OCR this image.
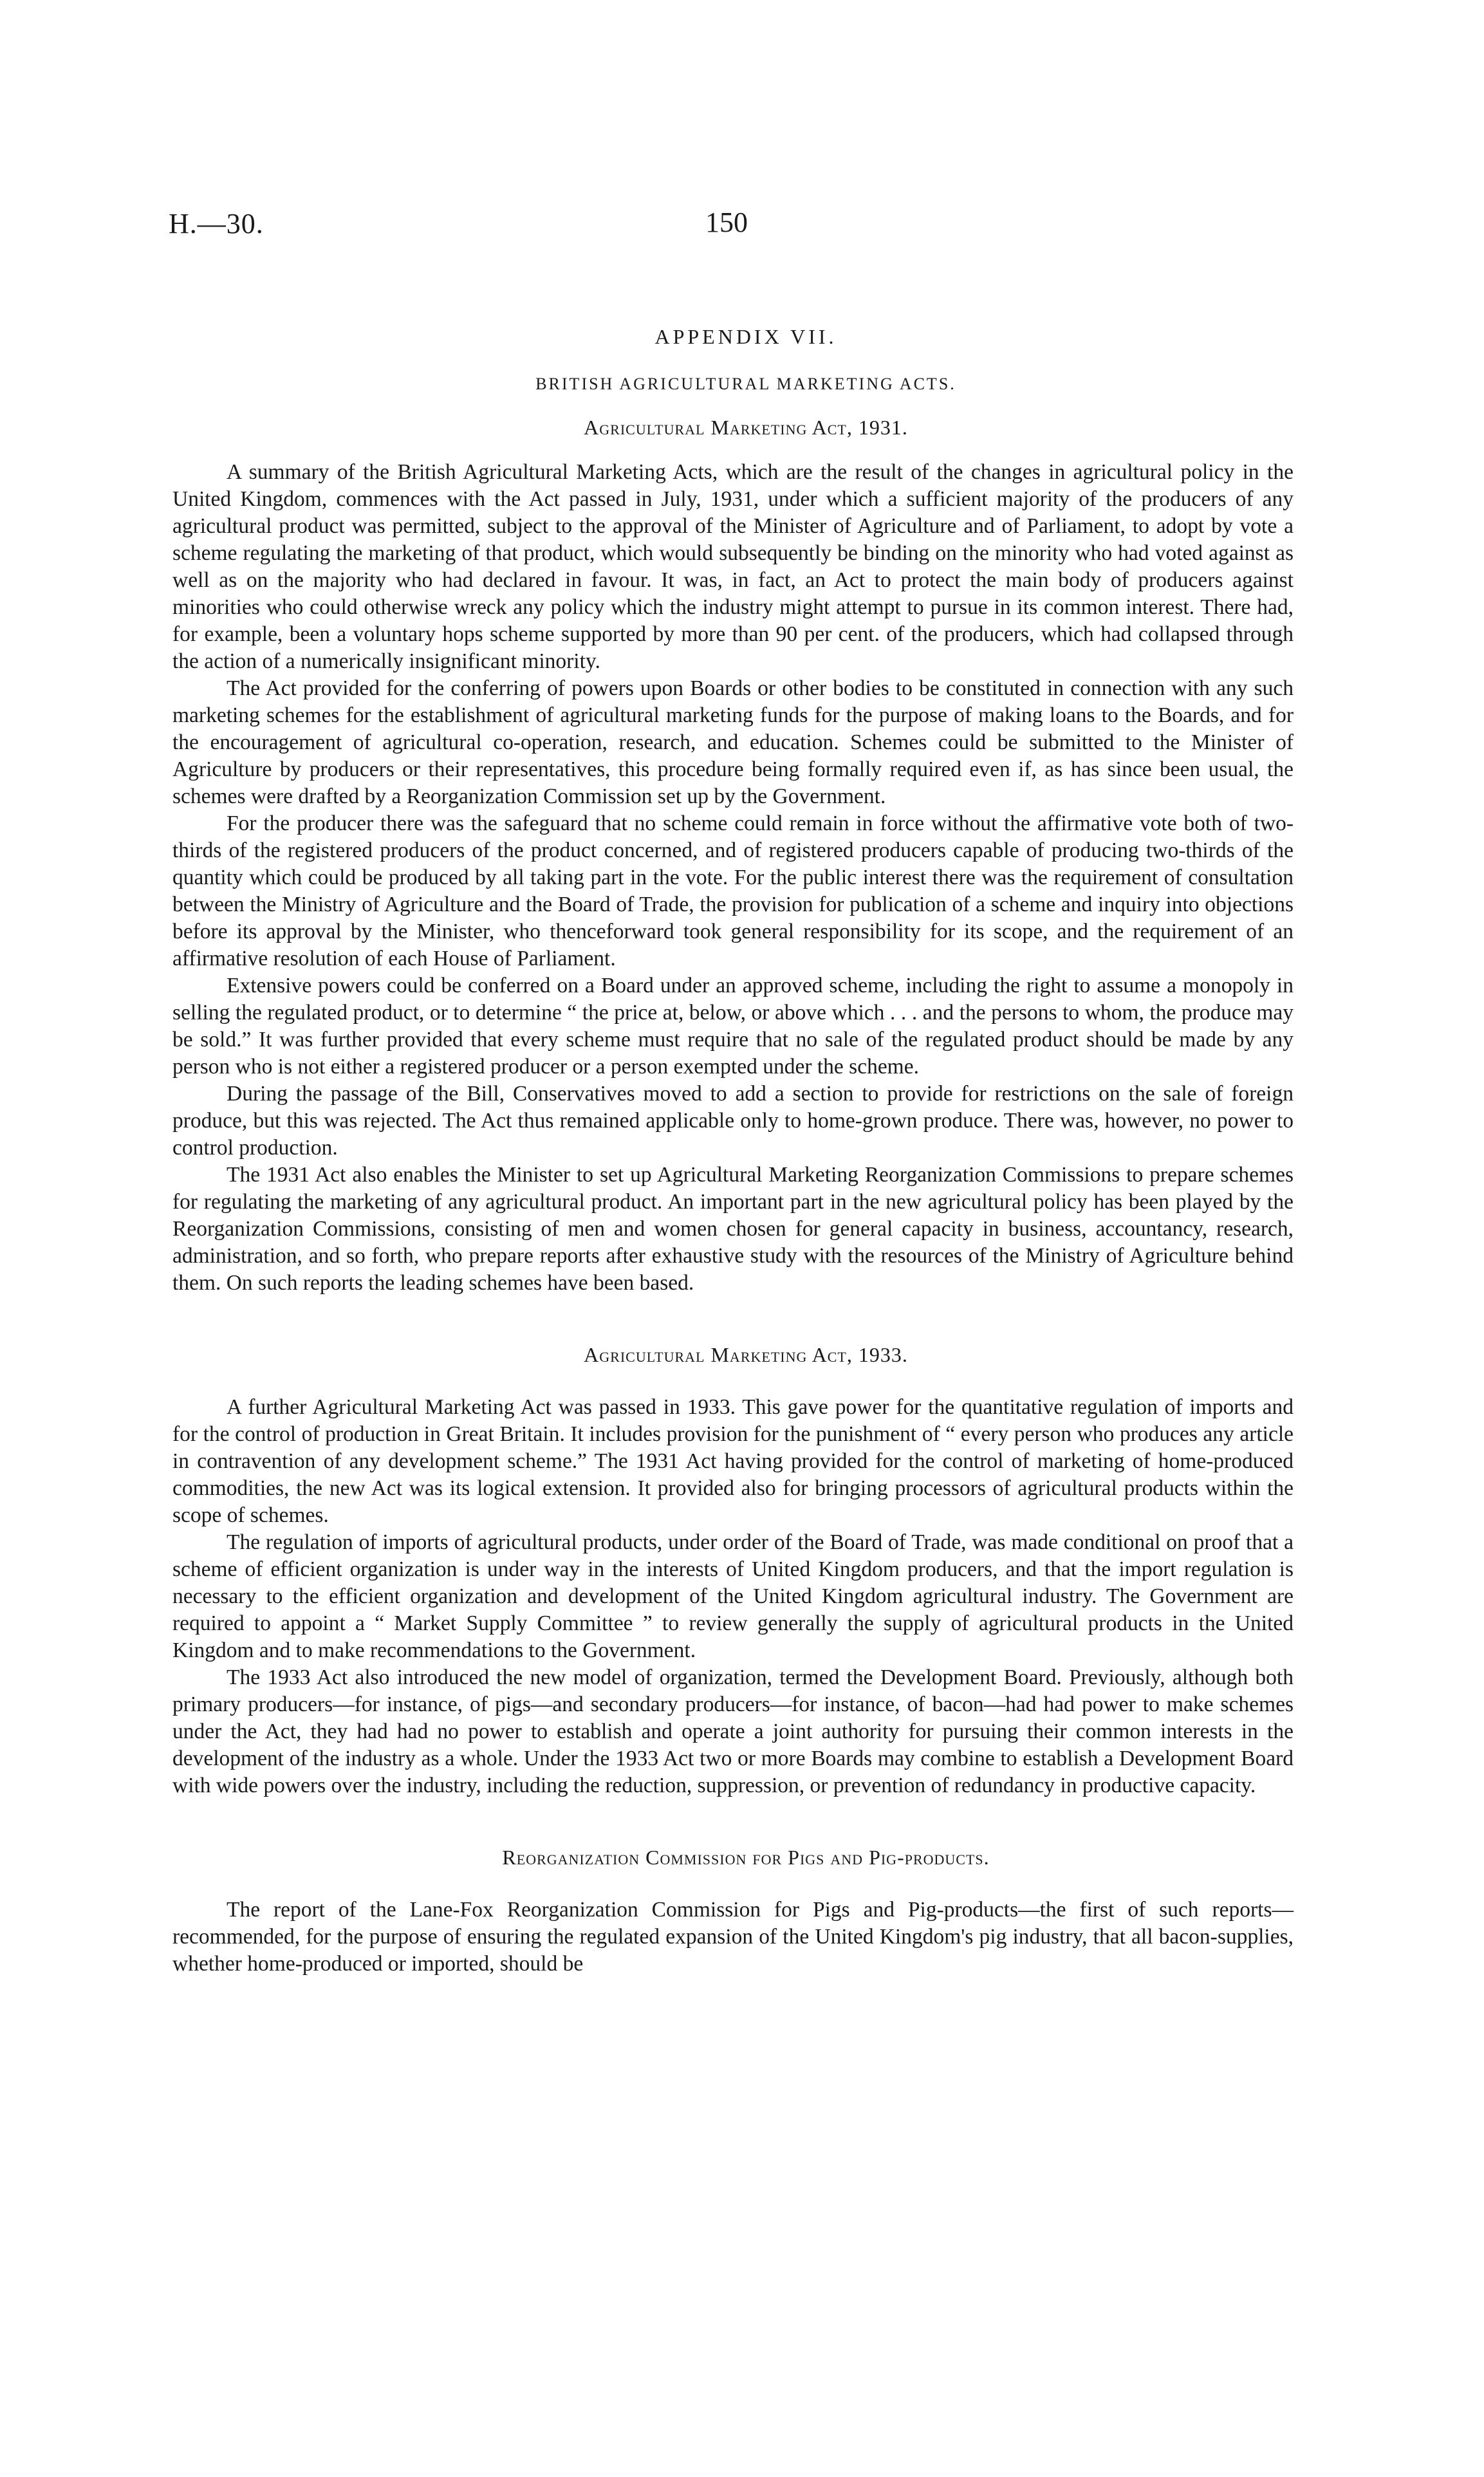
H.—30.	150
APPENDIX VII.
BRITISH AGRICULTURAL MARKETING ACTS.
Agricultural Marketing Act, 1931.

A summary of the British Agricultural Marketing Acts, which are the result of the changes in agricultural policy in the United Kingdom, commences with the Act passed in July, 1931, under which a sufficient majority of the producers of any agricultural product was permitted, subject to the approval of the Minister of Agriculture and of Parliament, to adopt by vote a scheme regulating the marketing of that product, which would subsequently be binding on the minority who had voted against as well as on the majority who had declared in favour. It was, in fact, an Act to protect the main body of producers against minorities who could otherwise wreck any policy which the industry might attempt to pursue in its common interest. There had, for example, been a voluntary hops scheme supported by more than 90 per cent. of the producers, which had collapsed through the action of a numerically insignificant minority.

The Act provided for the conferring of powers upon Boards or other bodies to be constituted in connection with any such marketing schemes for the establishment of agricultural marketing funds for the purpose of making loans to the Boards, and for the encouragement of agricultural co-operation, research, and education. Schemes could be submitted to the Minister of Agriculture by producers or their representatives, this procedure being formally required even if, as has since been usual, the schemes were drafted by a Reorganization Commission set up by the Government.

For the producer there was the safeguard that no scheme could remain in force without the affirmative vote both of two-thirds of the registered producers of the product concerned, and of registered producers capable of producing two-thirds of the quantity which could be produced by all taking part in the vote. For the public interest there was the requirement of consultation between the Ministry of Agriculture and the Board of Trade, the provision for publication of a scheme and inquiry into objections before its approval by the Minister, who thenceforward took general responsibility for its scope, and the requirement of an affirmative resolution of each House of Parliament.

Extensive powers could be conferred on a Board under an approved scheme, including the right to assume a monopoly in selling the regulated product, or to determine “ the price at, below, or above which . . . and the persons to whom, the produce may be sold.” It was further provided that every scheme must require that no sale of the regulated product should be made by any person who is not either a registered producer or a person exempted under the scheme.

During the passage of the Bill, Conservatives moved to add a section to provide for restrictions on the sale of foreign produce, but this was rejected. The Act thus remained applicable only to home-grown produce. There was, however, no power to control production.

The 1931 Act also enables the Minister to set up Agricultural Marketing Reorganization Commissions to prepare schemes for regulating the marketing of any agricultural product. An important part in the new agricultural policy has been played by the Reorganization Commissions, consisting of men and women chosen for general capacity in business, accountancy, research, administration, and so forth, who prepare reports after exhaustive study with the resources of the Ministry of Agriculture behind them. On such reports the leading schemes have been based.

Agricultural Marketing Act, 1933.

A further Agricultural Marketing Act was passed in 1933. This gave power for the quantitative regulation of imports and for the control of production in Great Britain. It includes provision for the punishment of “ every person who produces any article in contravention of any development scheme.” The 1931 Act having provided for the control of marketing of home-produced commodities, the new Act was its logical extension. It provided also for bringing processors of agricultural products within the scope of schemes.

The regulation of imports of agricultural products, under order of the Board of Trade, was made conditional on proof that a scheme of efficient organization is under way in the interests of United Kingdom producers, and that the import regulation is necessary to the efficient organization and development of the United Kingdom agricultural industry. The Government are required to appoint a “ Market Supply Committee ” to review generally the supply of agricultural products in the United Kingdom and to make recommendations to the Government.

The 1933 Act also introduced the new model of organization, termed the Development Board. Previously, although both primary producers—for instance, of pigs—and secondary producers—for instance, of bacon—had had power to make schemes under the Act, they had had no power to establish and operate a joint authority for pursuing their common interests in the development of the industry as a whole. Under the 1933 Act two or more Boards may combine to establish a Development Board with wide powers over the industry, including the reduction, suppression, or prevention of redundancy in productive capacity.

Reorganization Commission for Pigs and Pig-products.

The report of the Lane-Fox Reorganization Commission for Pigs and Pig-products—the first of such reports—recommended, for the purpose of ensuring the regulated expansion of the United Kingdom's pig industry, that all bacon-supplies, whether home-produced or imported, should be
